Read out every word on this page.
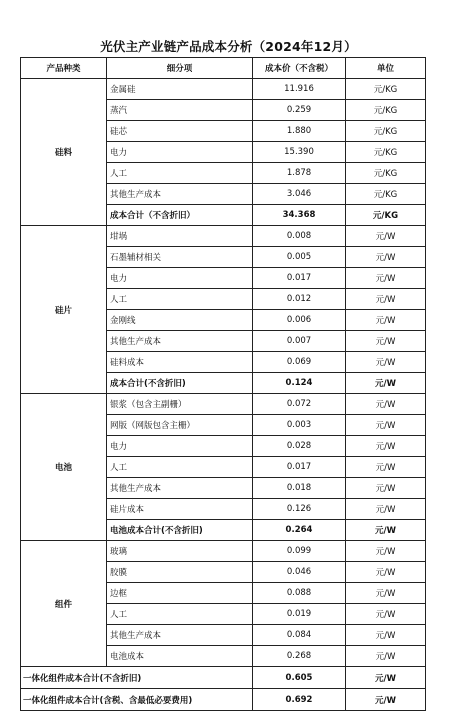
光伏主产业链产品成本分析（2024年12月）
产品种类	细分项	成本价（不含税）	单位
硅料	金属硅	11.916	元/KG
	蒸汽	0.259	元/KG
	硅芯	1.880	元/KG
	电力	15.390	元/KG
	人工	1.878	元/KG
	其他生产成本	3.046	元/KG
	成本合计（不含折旧）	34.368	元/KG
硅片	坩埚	0.008	元/W
	石墨辅材相关	0.005	元/W
	电力	0.017	元/W
	人工	0.012	元/W
	金刚线	0.006	元/W
	其他生产成本	0.007	元/W
	硅料成本	0.069	元/W
	成本合计(不含折旧)	0.124	元/W
电池	银浆（包含主副栅）	0.072	元/W
	网版（网版包含主栅）	0.003	元/W
	电力	0.028	元/W
	人工	0.017	元/W
	其他生产成本	0.018	元/W
	硅片成本	0.126	元/W
	电池成本合计(不含折旧)	0.264	元/W
组件	玻璃	0.099	元/W
	胶膜	0.046	元/W
	边框	0.088	元/W
	人工	0.019	元/W
	其他生产成本	0.084	元/W
	电池成本	0.268	元/W
一体化组件成本合计(不含折旧)		0.605	元/W
一体化组件成本合计(含税、含最低必要费用)		0.692	元/W
